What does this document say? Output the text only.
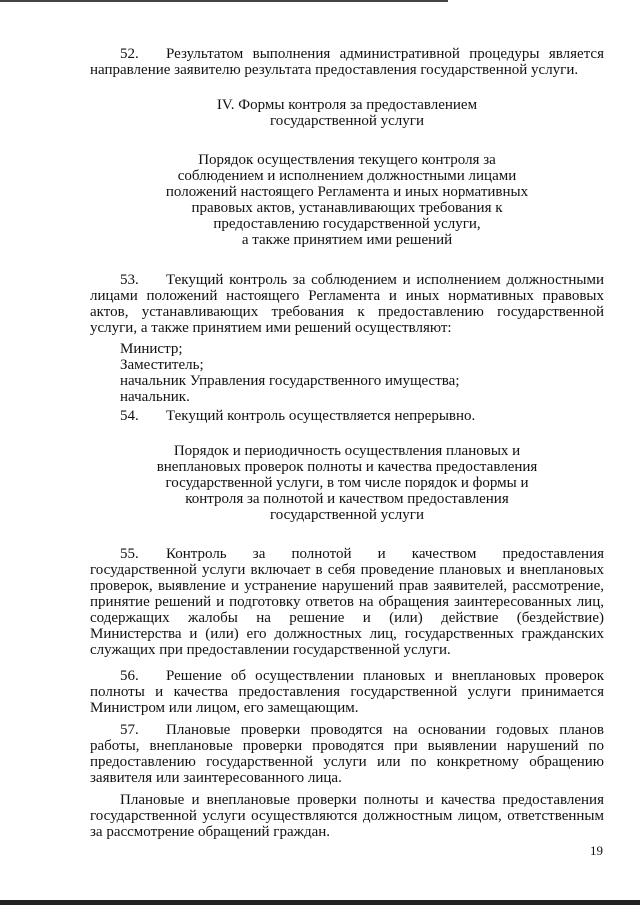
52. Результатом выполнения административной процедуры является
направление заявителю результата предоставления государственной услуги.

IV. Формы контроля за предоставлением
государственной услуги
Порядок осуществления текущего контроля за
соблюдением и исполнением должностными лицами
положений настоящего Регламента и иных нормативных
правовых актов, устанавливающих требования к
предоставлению государственной услуги,
а также принятием ими решений

53. Текущий контроль за соблюдением и исполнением должностными
лицами положений настоящего Регламента и иных нормативных правовых
актов, устанавливающих требования к предоставлению государственной
услуги, а также принятием ими решений осуществляют:

Министр;
Заместитель;
начальник Управления государственного имущества;
начальник.

54. Текущий контроль осуществляется непрерывно.

Порядок и периодичность осуществления плановых и
внеплановых проверок полноты и качества предоставления
государственной услуги, в том числе порядок и формы и
контроля за полнотой и качеством предоставления
государственной услуги

55. Контроль за полнотой и качеством предоставления
государственной услуги включает в себя проведение плановых и внеплановых
проверок, выявление и устранение нарушений прав заявителей, рассмотрение,
принятие решений и подготовку ответов на обращения заинтересованных лиц,
содержащих жалобы на решение и (или) действие (бездействие)
Министерства и (или) его должностных лиц, государственных гражданских
служащих при предоставлении государственной услуги.

56. Решение об осуществлении плановых и внеплановых проверок
полноты и качества предоставления государственной услуги принимается
Министром или лицом, его замещающим.

57. Плановые проверки проводятся на основании годовых планов
работы, внеплановые проверки проводятся при выявлении нарушений по
предоставлению государственной услуги или по конкретному обращению
заявителя или заинтересованного лица.

Плановые и внеплановые проверки полноты и качества предоставления
государственной услуги осуществляются должностным лицом, ответственным
за рассмотрение обращений граждан.

19
